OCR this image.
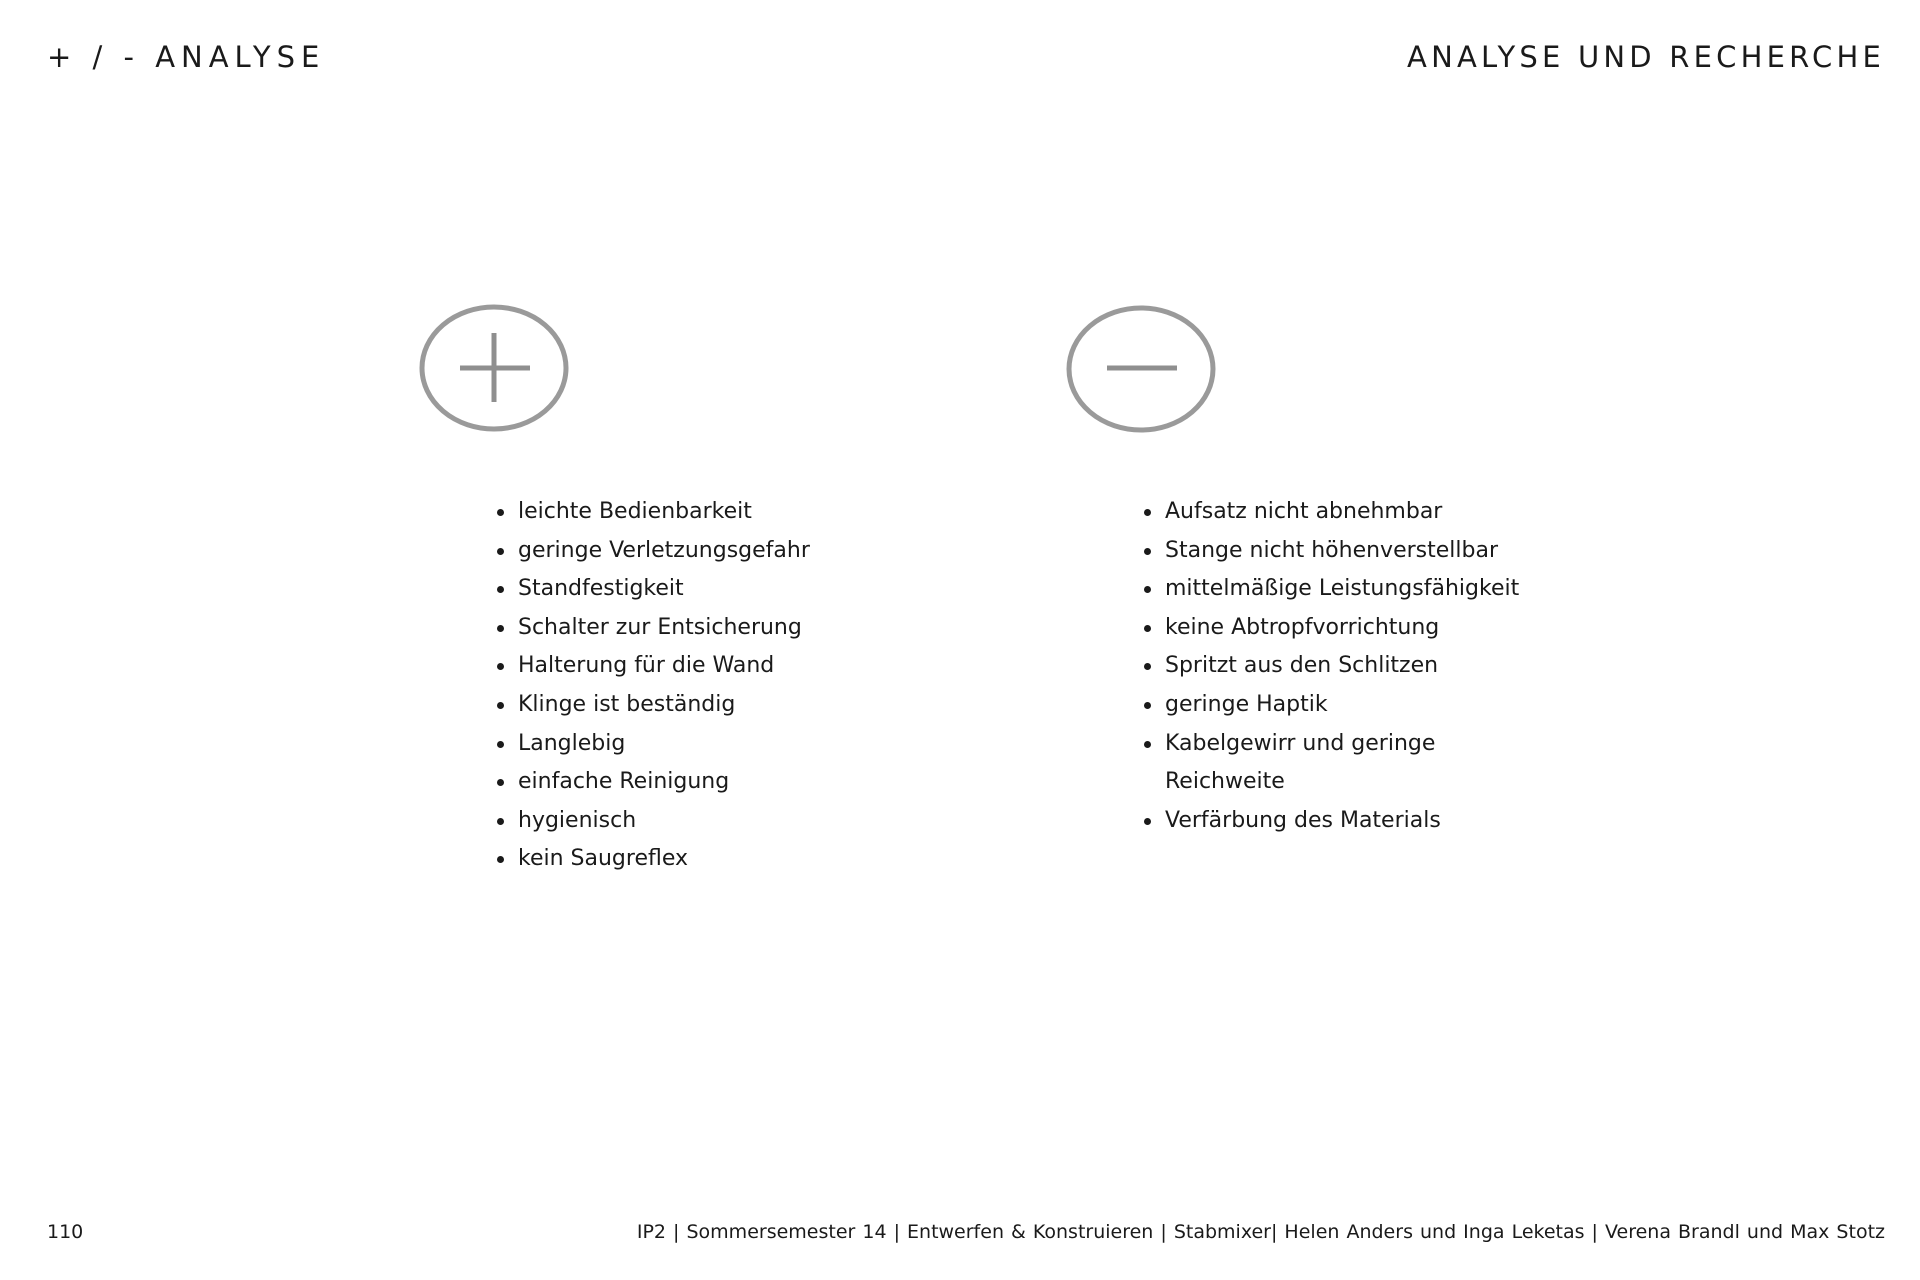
+ / - ANALYSE	ANALYSE UND RECHERCHE
leichte Bedienbarkeit
geringe Verletzungsgefahr
Standfestigkeit
Schalter zur Entsicherung
Halterung für die Wand
Klinge ist beständig
Langlebig
einfache Reinigung
hygienisch
kein Saugreflex
Aufsatz nicht abnehmbar
Stange nicht höhenverstellbar
mittelmäßige Leistungsfähigkeit
keine Abtropfvorrichtung
Spritzt aus den Schlitzen
geringe Haptik
Kabelgewirr und geringe Reichweite
Verfärbung des Materials
110	IP2 | Sommersemester 14 | Entwerfen & Konstruieren | Stabmixer| Helen Anders und Inga Leketas | Verena Brandl und Max Stotz
